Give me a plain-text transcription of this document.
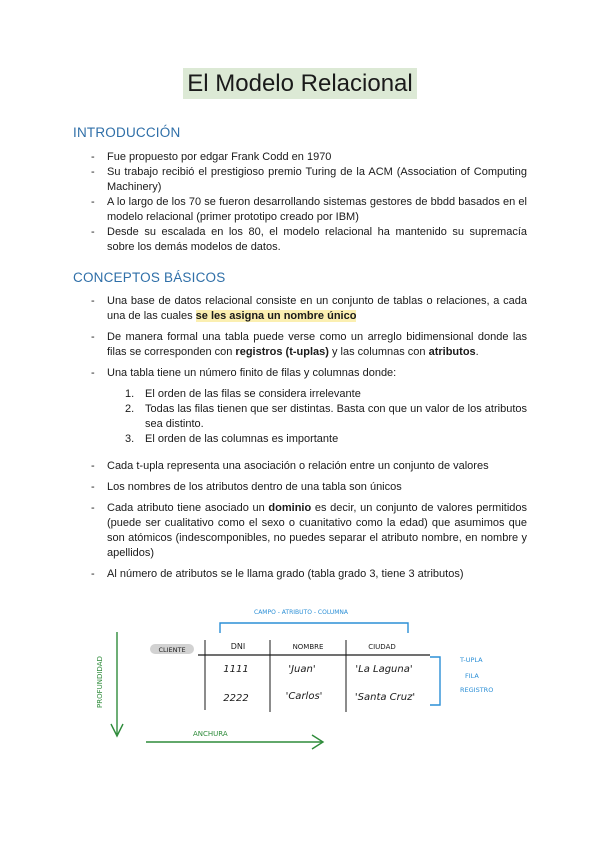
El Modelo Relacional
INTRODUCCIÓN
- Fue propuesto por edgar Frank Codd en 1970
- Su trabajo recibió el prestigioso premio Turing de la ACM (Association of Computing Machinery)
- A lo largo de los 70 se fueron desarrollando sistemas gestores de bbdd basados en el modelo relacional (primer prototipo creado por IBM)
- Desde su escalada en los 80, el modelo relacional ha mantenido su supremacía sobre los demás modelos de datos.
CONCEPTOS BÁSICOS
- Una base de datos relacional consiste en un conjunto de tablas o relaciones, a cada una de las cuales se les asigna un nombre único
- De manera formal una tabla puede verse como un arreglo bidimensional donde las filas se corresponden con registros (t-uplas) y las columnas con atributos.
- Una tabla tiene un número finito de filas y columnas donde:
1. El orden de las filas se considera irrelevante
2. Todas las filas tienen que ser distintas. Basta con que un valor de los atributos sea distinto.
3. El orden de las columnas es importante
- Cada t-upla representa una asociación o relación entre un conjunto de valores
- Los nombres de los atributos dentro de una tabla son únicos
- Cada atributo tiene asociado un dominio es decir, un conjunto de valores permitidos (puede ser cualitativo como el sexo o cuanitativo como la edad) que asumimos que son atómicos (indescomponibles, no puedes separar el atributo nombre, en nombre y apellidos)
- Al número de atributos se le llama grado (tabla grado 3, tiene 3 atributos)
CAMPO - ATRIBUTO - COLUMNA
CLIENTE	DNI	NOMBRE	CIUDAD
1111	'Juan'	'La Laguna'
2222	'Carlos'	'Santa Cruz'
T-UPLA
FILA
REGISTRO
PROFUNDIDAD
ANCHURA
